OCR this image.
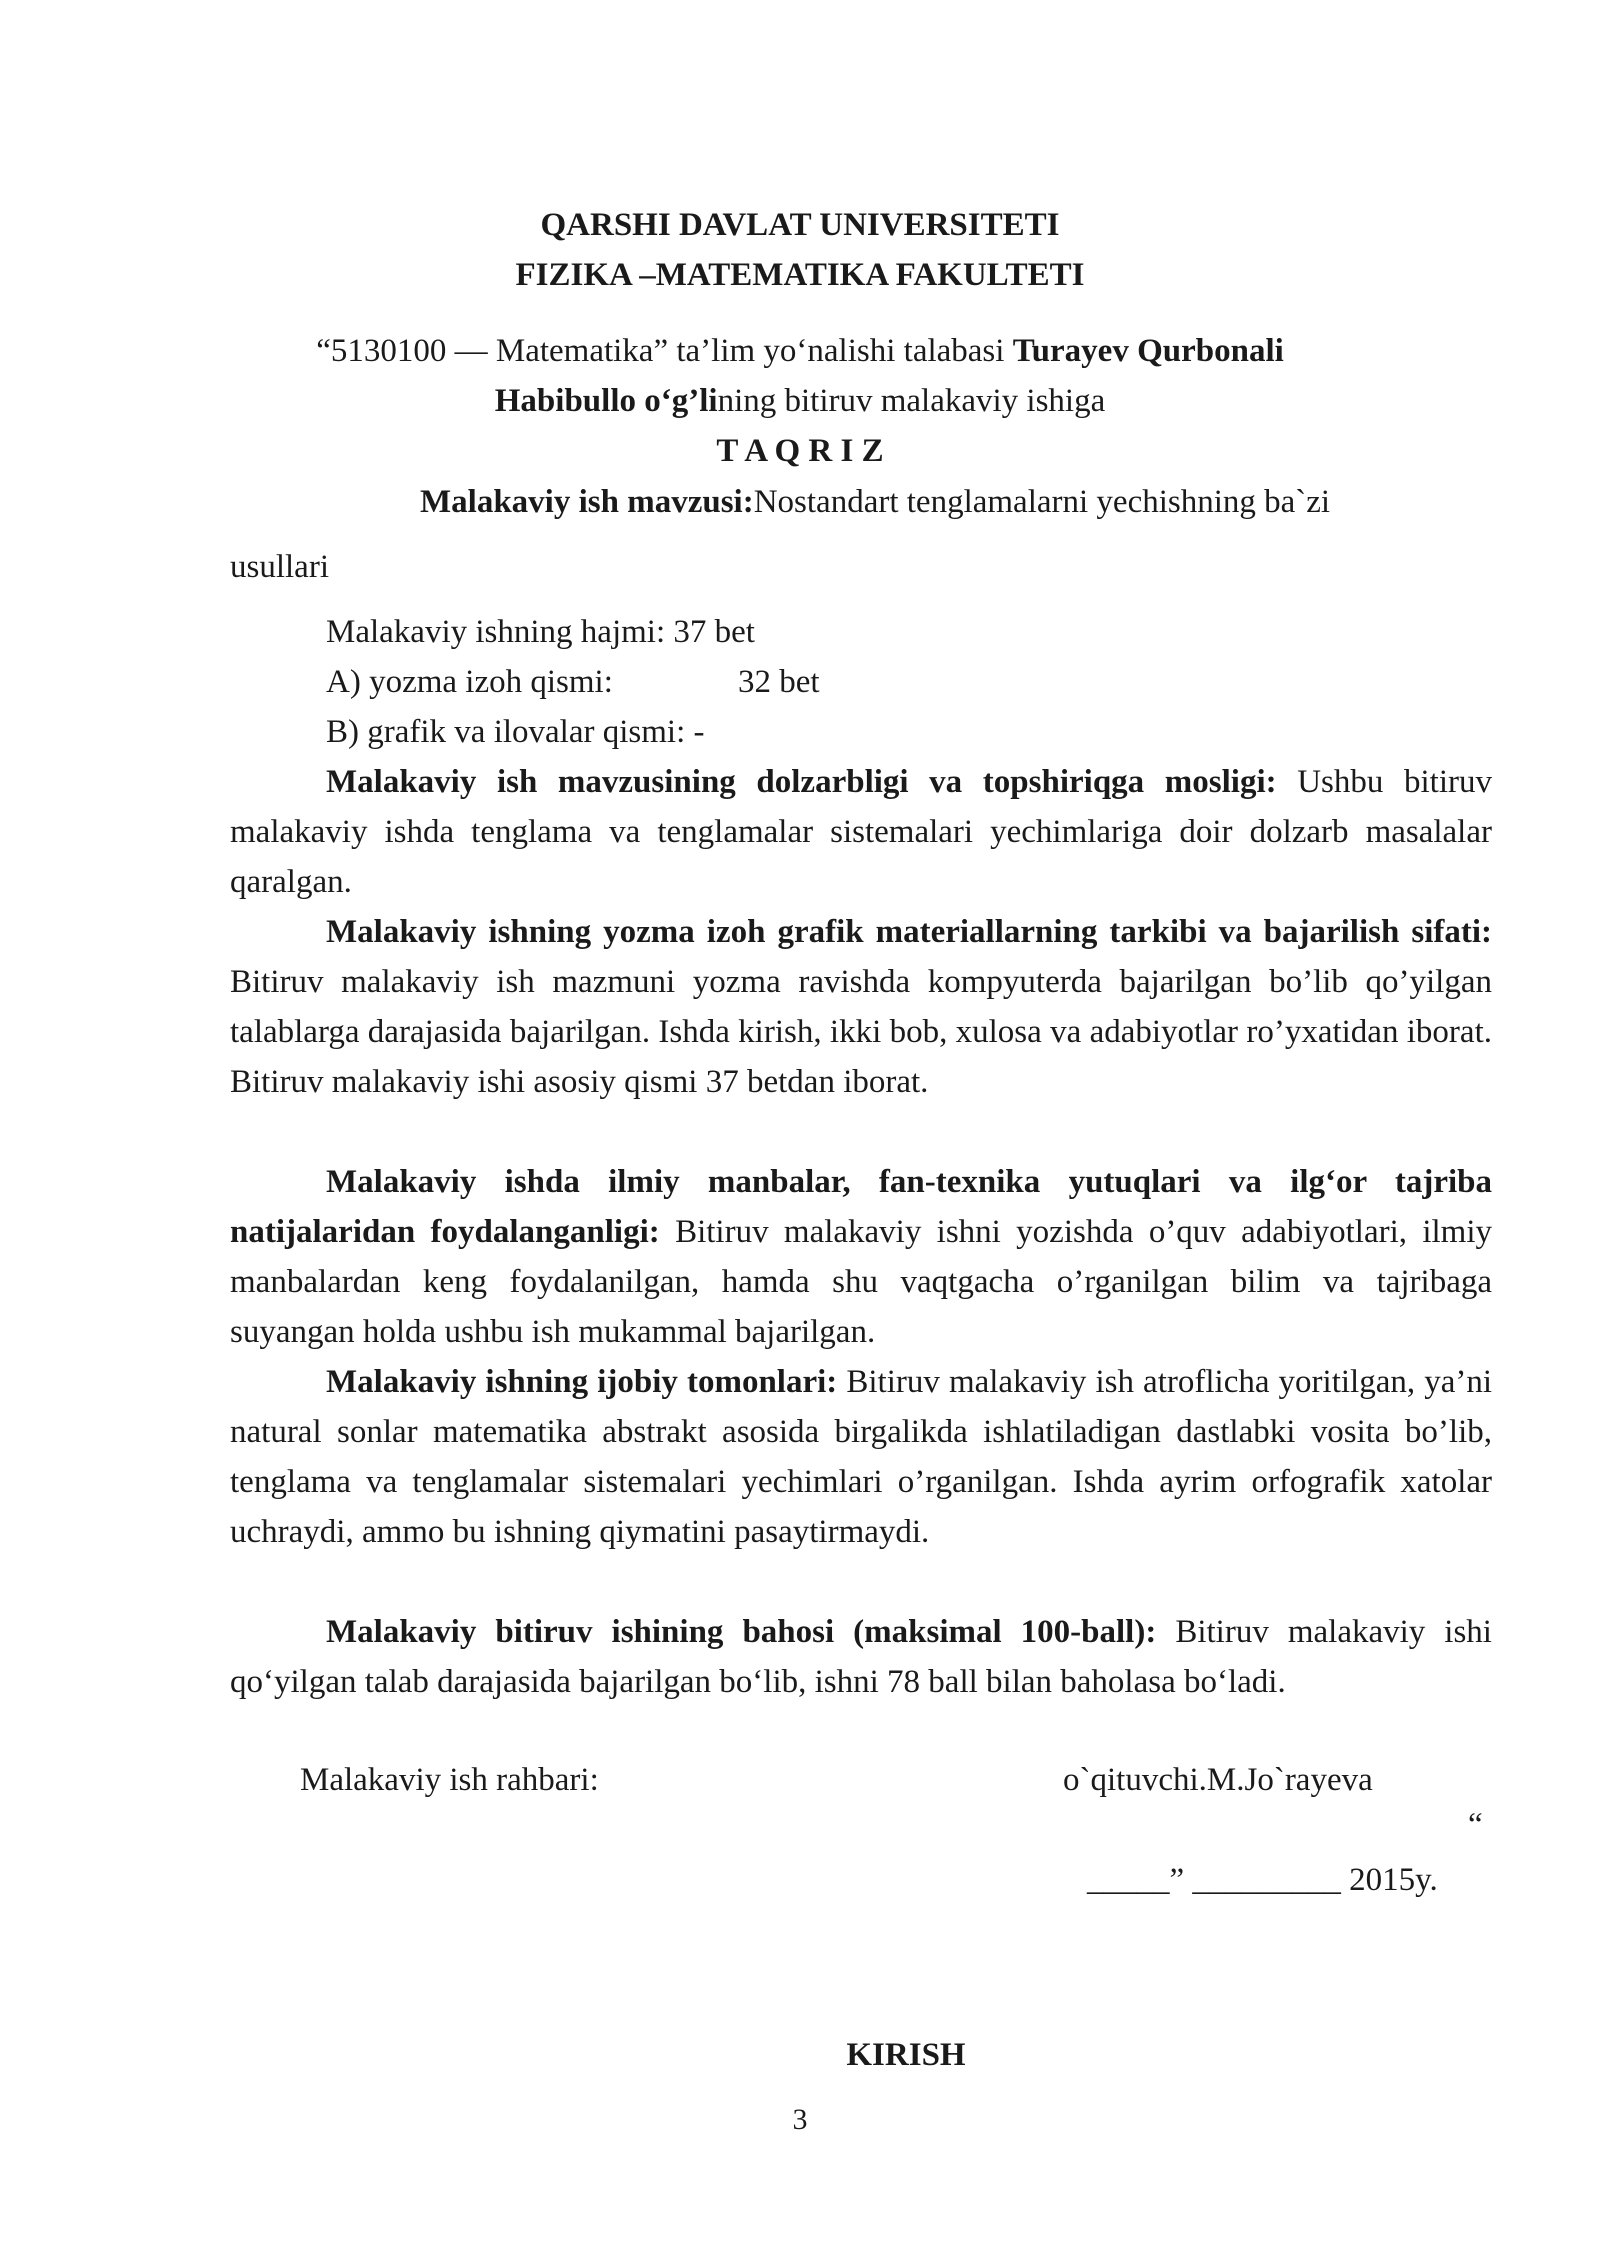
QARSHI DAVLAT UNIVERSITETI
FIZIKA –MATEMATIKA FAKULTETI
“5130100 — Matematika” ta’lim yo‘nalishi talabasi Turayev Qurbonali
Habibullo o‘g’lining bitiruv malakaviy ishiga
T A Q R I Z
Malakaviy ish mavzusi:Nostandart tenglamalarni yechishning ba`zi
usullari
Malakaviy ishning hajmi: 37 bet
A) yozma izoh qismi:	32 bet
B) grafik va ilovalar qismi: -
Malakaviy ish mavzusining dolzarbligi va topshiriqga mosligi: Ushbu bitiruv malakaviy ishda tenglama va tenglamalar sistemalari yechimlariga doir dolzarb masalalar qaralgan.
Malakaviy ishning yozma izoh grafik materiallarning tarkibi va bajarilish sifati: Bitiruv malakaviy ish mazmuni yozma ravishda kompyuterda bajarilgan bo’lib qo’yilgan talablarga darajasida bajarilgan. Ishda kirish, ikki bob, xulosa va adabiyotlar ro’yxatidan iborat. Bitiruv malakaviy ishi asosiy qismi 37 betdan iborat.
Malakaviy ishda ilmiy manbalar, fan-texnika yutuqlari va ilg‘or tajriba natijalaridan foydalanganligi: Bitiruv malakaviy ishni yozishda o’quv adabiyotlari, ilmiy manbalardan keng foydalanilgan, hamda shu vaqtgacha o’rganilgan bilim va tajribaga suyangan holda ushbu ish mukammal bajarilgan.
Malakaviy ishning ijobiy tomonlari: Bitiruv malakaviy ish atroflicha yoritilgan, ya’ni natural sonlar matematika abstrakt asosida birgalikda ishlatiladigan dastlabki vosita bo’lib, tenglama va tenglamalar sistemalari yechimlari o’rganilgan. Ishda ayrim orfografik xatolar uchraydi, ammo bu ishning qiymatini pasaytirmaydi.
Malakaviy bitiruv ishining bahosi (maksimal 100-ball): Bitiruv malakaviy ishi qo‘yilgan talab darajasida bajarilgan bo‘lib, ishni 78 ball bilan baholasa bo‘ladi.
Malakaviy ish rahbari:	o`qituvchi.M.Jo`rayeva
“
_____” _________ 2015y.
KIRISH
3
